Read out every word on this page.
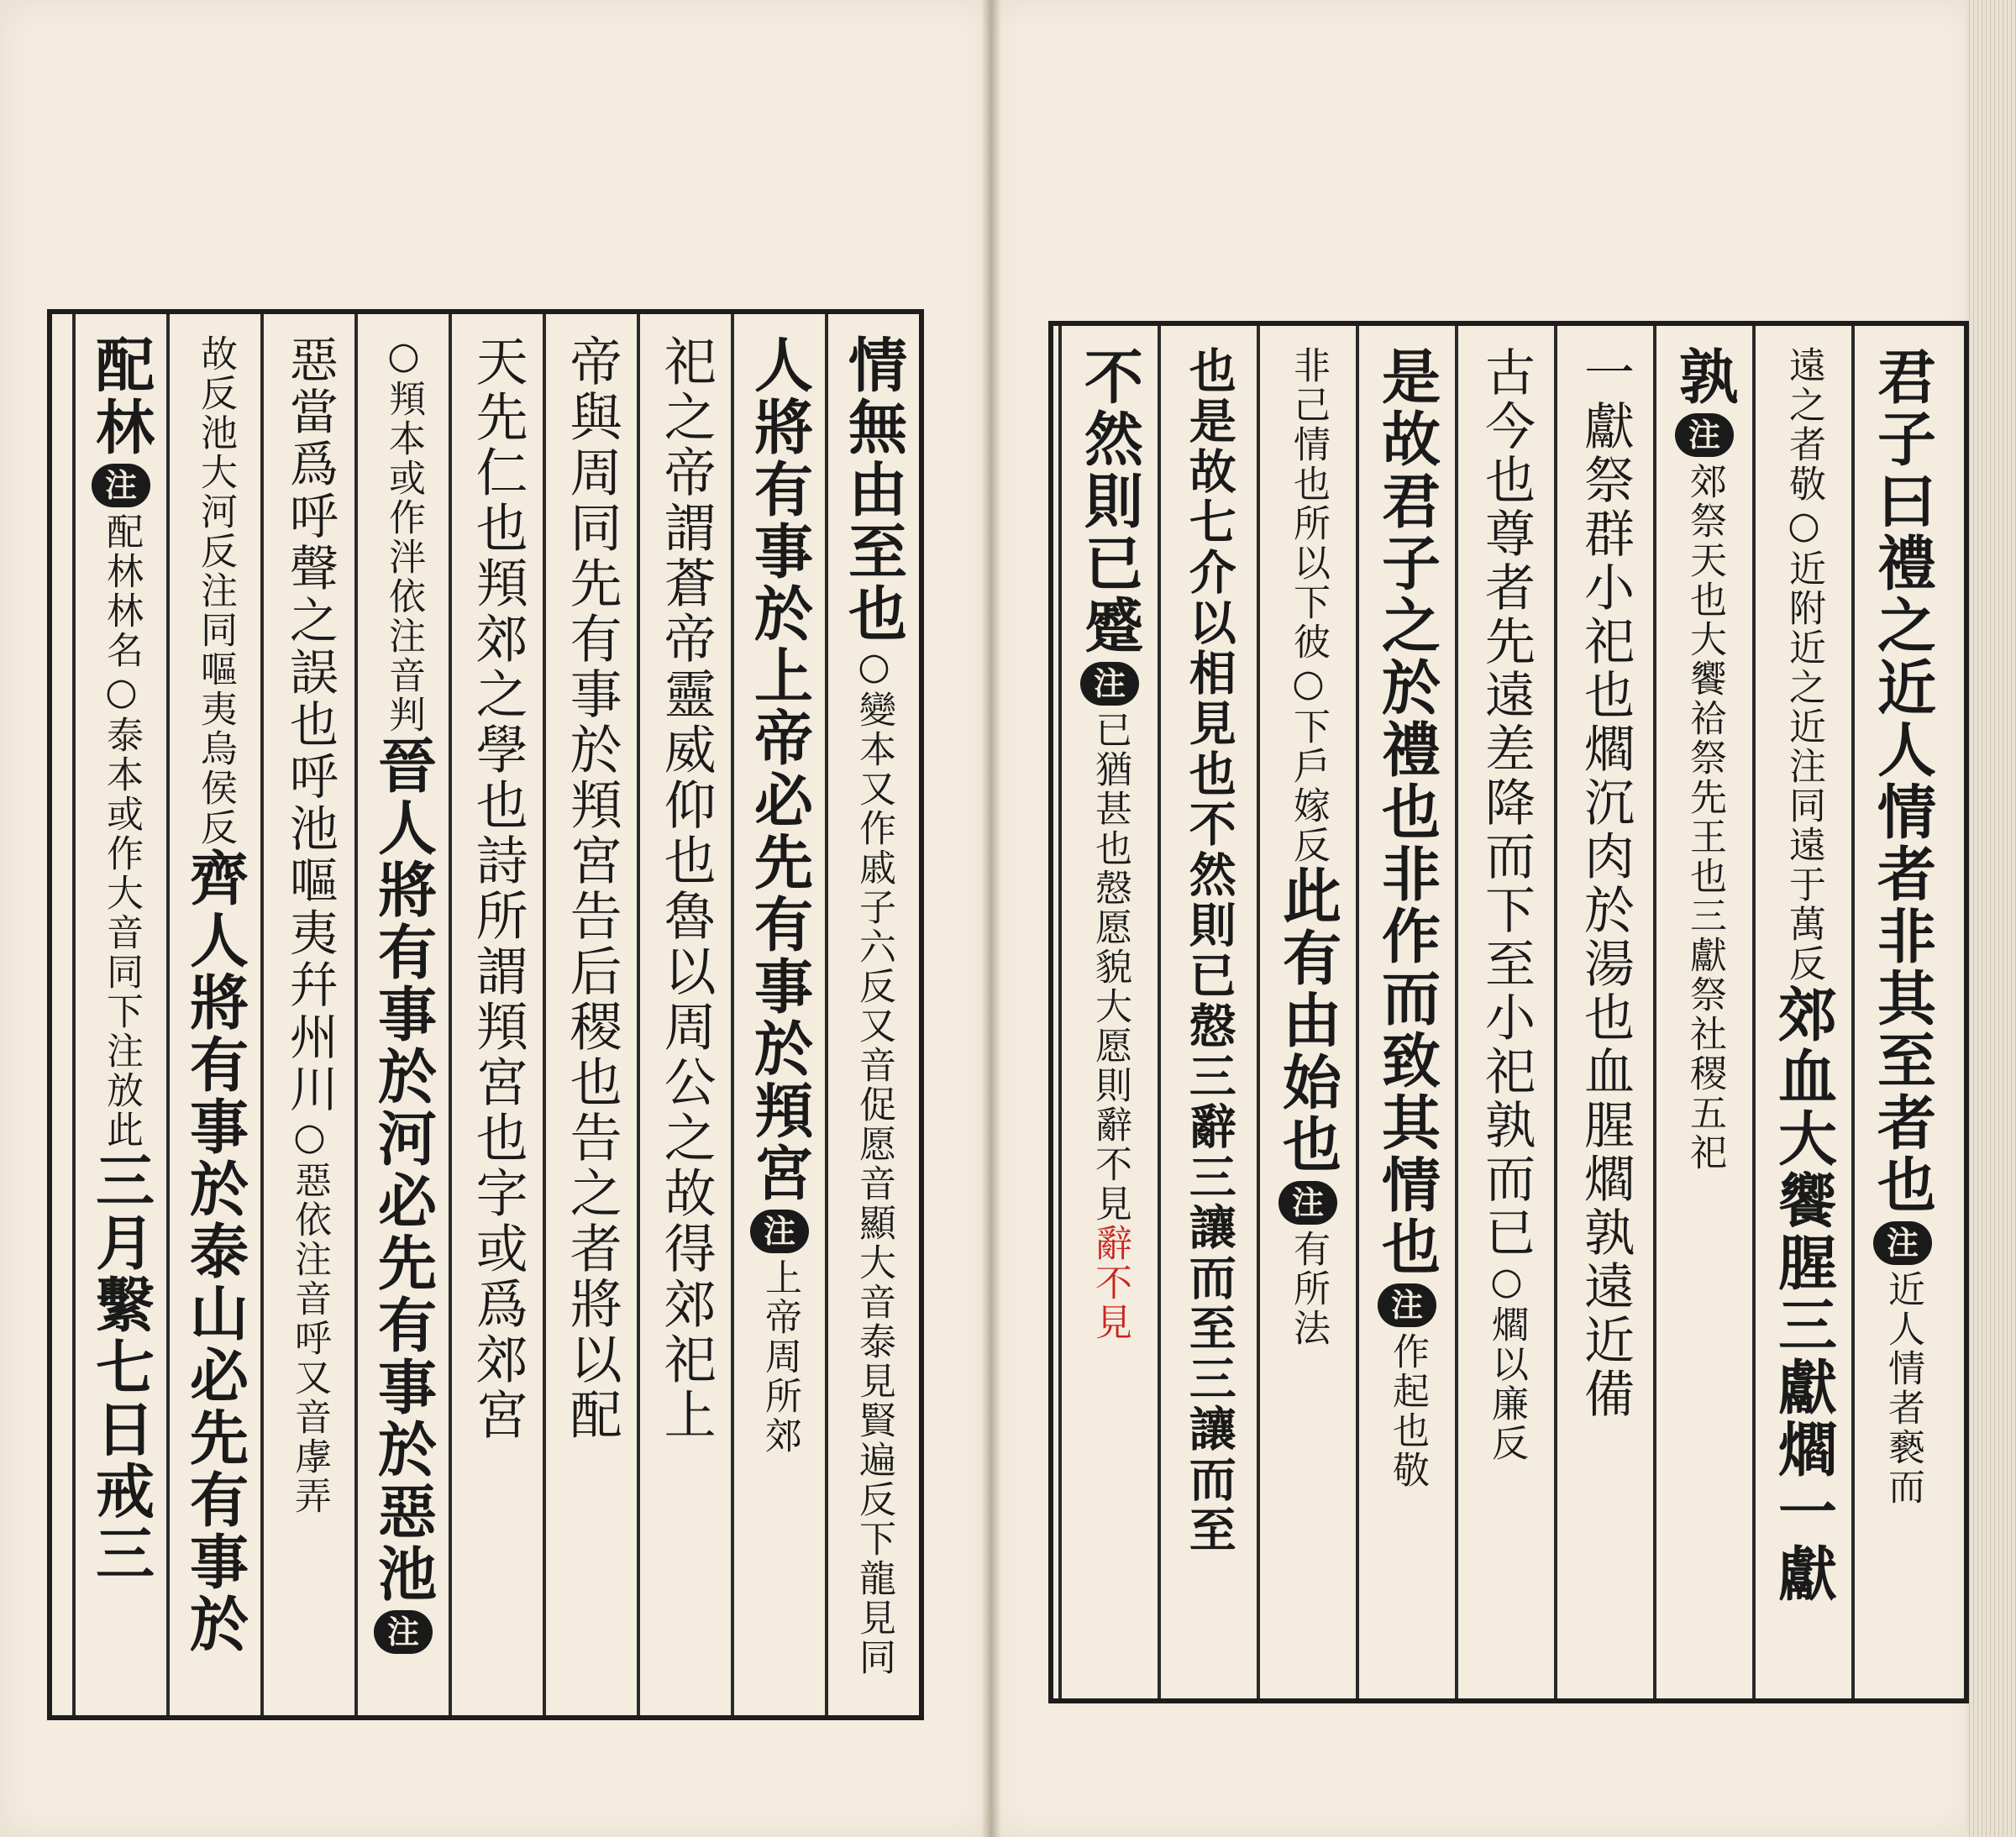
情無由至也
○變本又作戚子六反又音促愿音顯大音泰見賢遍反下龍見同
人將有事於上帝必先有事於頖宮
注
上帝周所郊
祀之帝謂蒼帝靈威仰也魯以周公之故得郊祀上
帝與周同先有事於頖宮告后稷也告之者將以配
天先仁也頖郊之學也詩所謂頖宮也字或爲郊宮
○頖本或作泮依注音判
晉人將有事於河必先有事於惡池
注
惡當爲呼聲之誤也呼池嘔夷幷州川
○惡依注音呼又音虖弄
故反池大河反注同嘔夷烏侯反
齊人將有事於泰山必先有事於
配林
注
配林林名○泰本或作大音同下注放此
三月繫七日戒
三
君子曰禮之近人情者非其至者也
注
近人情者褻而
遠之者敬○近附近之近注同遠于萬反
郊血大饗腥三獻爓一獻
孰
注
郊祭天也大饗祫祭先王也三獻祭社稷五祀
一獻祭群小祀也爓沉肉於湯也血腥爓孰遠近備
古今也尊者先遠差降而下至小祀孰而已
○爓以廉反
是故君子之於禮也非作而致其情也
注
作起也敬
非己情也所以下彼○下戶嫁反
此有由始也
注
有所法
也是故七介以相見也不然則已慤三辭三讓而至
三讓而至
不然則已蹙
注
已猶甚也慤愿貌大愿則辭不見
辭不見
